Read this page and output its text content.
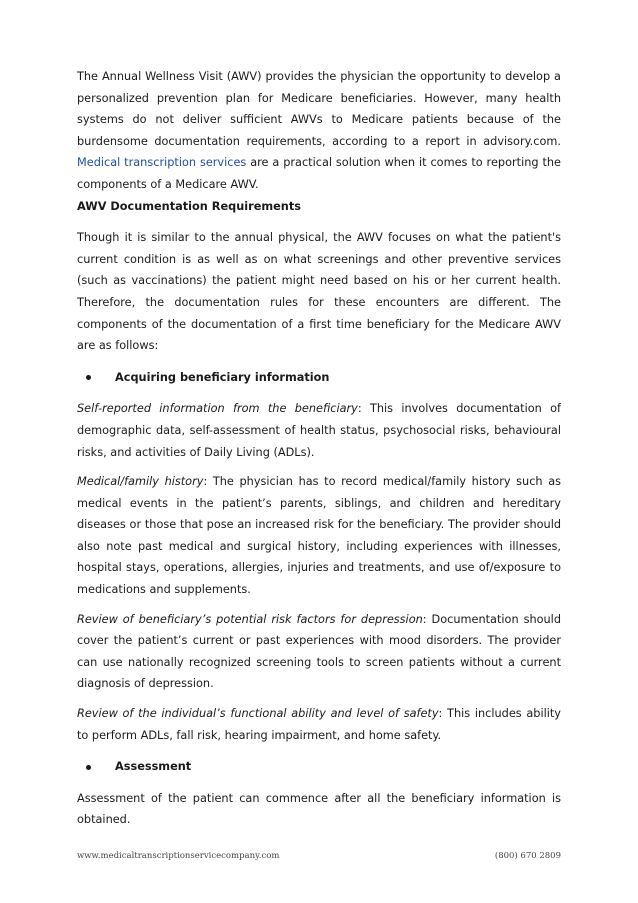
The Annual Wellness Visit (AWV) provides the physician the opportunity to develop a personalized prevention plan for Medicare beneficiaries. However, many health systems do not deliver sufficient AWVs to Medicare patients because of the burdensome documentation requirements, according to a report in advisory.com. Medical transcription services are a practical solution when it comes to reporting the components of a Medicare AWV.

AWV Documentation Requirements

Though it is similar to the annual physical, the AWV focuses on what the patient's current condition is as well as on what screenings and other preventive services (such as vaccinations) the patient might need based on his or her current health. Therefore, the documentation rules for these encounters are different. The components of the documentation of a first time beneficiary for the Medicare AWV are as follows:

Acquiring beneficiary information

Self-reported information from the beneficiary: This involves documentation of demographic data, self-assessment of health status, psychosocial risks, behavioural risks, and activities of Daily Living (ADLs).

Medical/family history: The physician has to record medical/family history such as medical events in the patient’s parents, siblings, and children and hereditary diseases or those that pose an increased risk for the beneficiary. The provider should also note past medical and surgical history, including experiences with illnesses, hospital stays, operations, allergies, injuries and treatments, and use of/exposure to medications and supplements.

Review of beneficiary’s potential risk factors for depression: Documentation should cover the patient’s current or past experiences with mood disorders. The provider can use nationally recognized screening tools to screen patients without a current diagnosis of depression.

Review of the individual’s functional ability and level of safety: This includes ability to perform ADLs, fall risk, hearing impairment, and home safety.

Assessment

Assessment of the patient can commence after all the beneficiary information is obtained.

www.medicaltranscriptionservicecompany.com	(800) 670 2809
